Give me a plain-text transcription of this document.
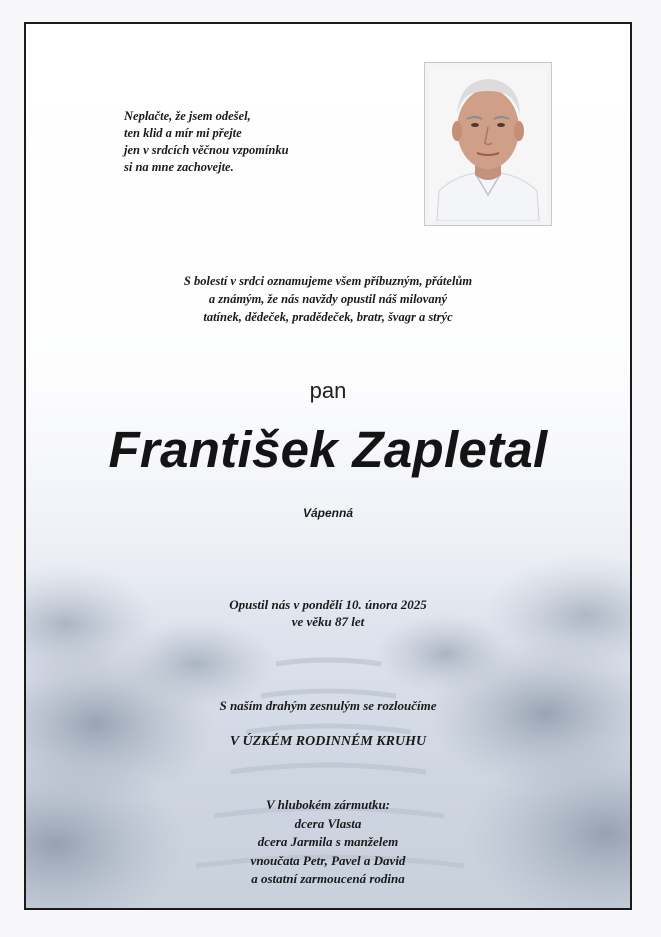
Neplačte, že jsem odešel,
ten klid a mír mi přejte
jen v srdcích věčnou vzpomínku
si na mne zachovejte.
S bolestí v srdci oznamujeme všem příbuzným, přátelům
a známým, že nás navždy opustil náš milovaný
tatínek, dědeček, pradědeček, bratr, švagr a strýc
pan
František Zapletal
Vápenná
Opustil nás v pondělí 10. února 2025
ve věku 87 let
S naším drahým zesnulým se rozloučíme
V ÚZKÉM RODINNÉM KRUHU
V hlubokém zármutku:
dcera Vlasta
dcera Jarmila s manželem
vnoučata Petr, Pavel a David
a ostatní zarmoucená rodina
